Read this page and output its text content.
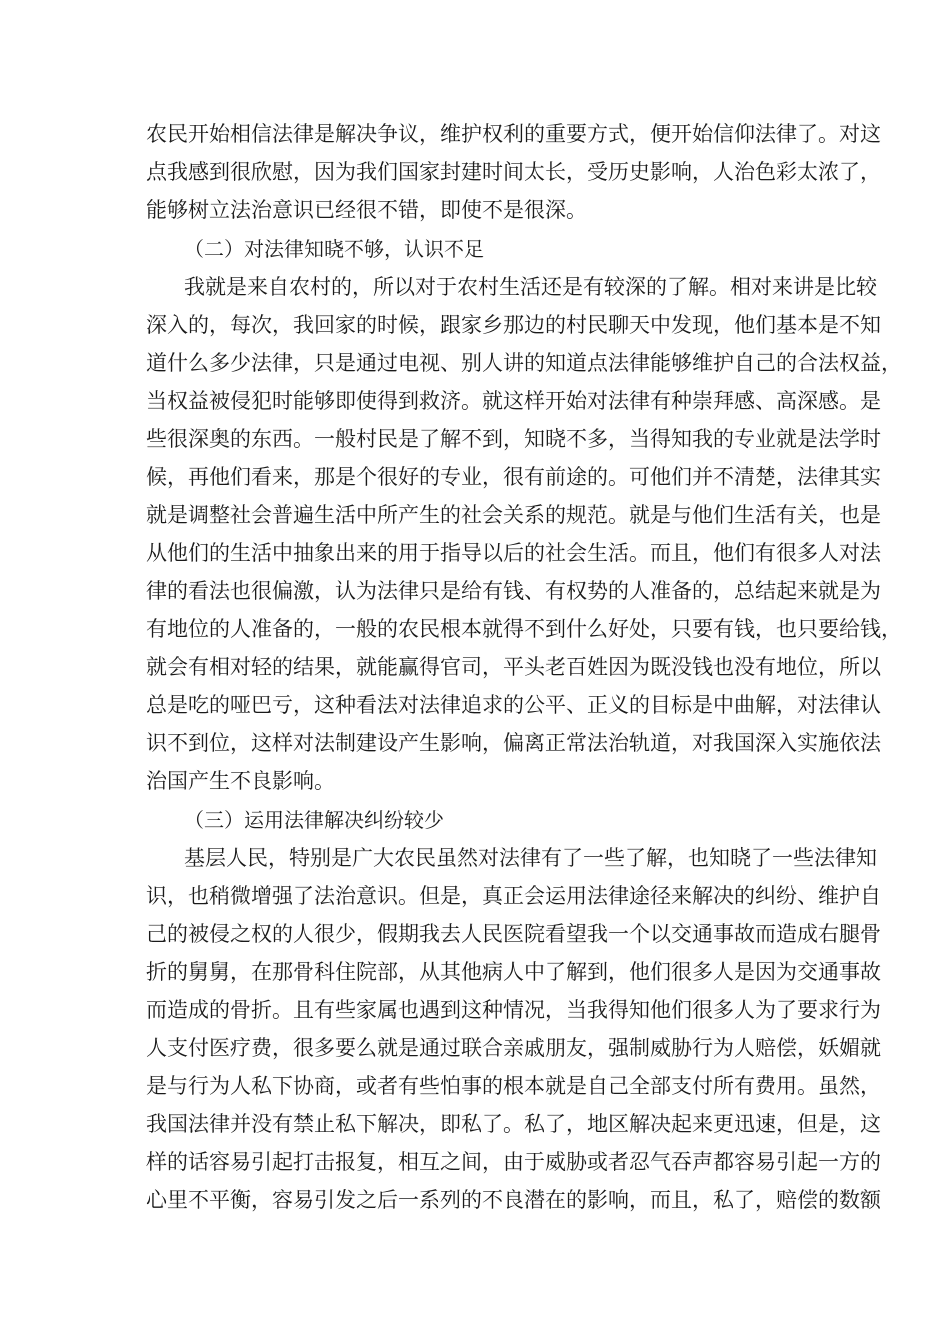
农民开始相信法律是解决争议，维护权利的重要方式，便开始信仰法律了。对这
点我感到很欣慰，因为我们国家封建时间太长，受历史影响，人治色彩太浓了，
能够树立法治意识已经很不错，即使不是很深。
（二）对法律知晓不够，认识不足
我就是来自农村的，所以对于农村生活还是有较深的了解。相对来讲是比较
深入的，每次，我回家的时候，跟家乡那边的村民聊天中发现，他们基本是不知
道什么多少法律，只是通过电视、别人讲的知道点法律能够维护自己的合法权益，
当权益被侵犯时能够即使得到救济。就这样开始对法律有种崇拜感、高深感。是
些很深奥的东西。一般村民是了解不到，知晓不多，当得知我的专业就是法学时
候，再他们看来，那是个很好的专业，很有前途的。可他们并不清楚，法律其实
就是调整社会普遍生活中所产生的社会关系的规范。就是与他们生活有关，也是
从他们的生活中抽象出来的用于指导以后的社会生活。而且，他们有很多人对法
律的看法也很偏激，认为法律只是给有钱、有权势的人准备的，总结起来就是为
有地位的人准备的，一般的农民根本就得不到什么好处，只要有钱，也只要给钱，
就会有相对轻的结果，就能赢得官司，平头老百姓因为既没钱也没有地位，所以
总是吃的哑巴亏，这种看法对法律追求的公平、正义的目标是中曲解，对法律认
识不到位，这样对法制建设产生影响，偏离正常法治轨道，对我国深入实施依法
治国产生不良影响。
（三）运用法律解决纠纷较少
基层人民，特别是广大农民虽然对法律有了一些了解，也知晓了一些法律知
识，也稍微增强了法治意识。但是，真正会运用法律途径来解决的纠纷、维护自
己的被侵之权的人很少，假期我去人民医院看望我一个以交通事故而造成右腿骨
折的舅舅，在那骨科住院部，从其他病人中了解到，他们很多人是因为交通事故
而造成的骨折。且有些家属也遇到这种情况，当我得知他们很多人为了要求行为
人支付医疗费，很多要么就是通过联合亲戚朋友，强制威胁行为人赔偿，妖媚就
是与行为人私下协商，或者有些怕事的根本就是自己全部支付所有费用。虽然，
我国法律并没有禁止私下解决，即私了。私了，地区解决起来更迅速，但是，这
样的话容易引起打击报复，相互之间，由于威胁或者忍气吞声都容易引起一方的
心里不平衡，容易引发之后一系列的不良潜在的影响，而且，私了，赔偿的数额
